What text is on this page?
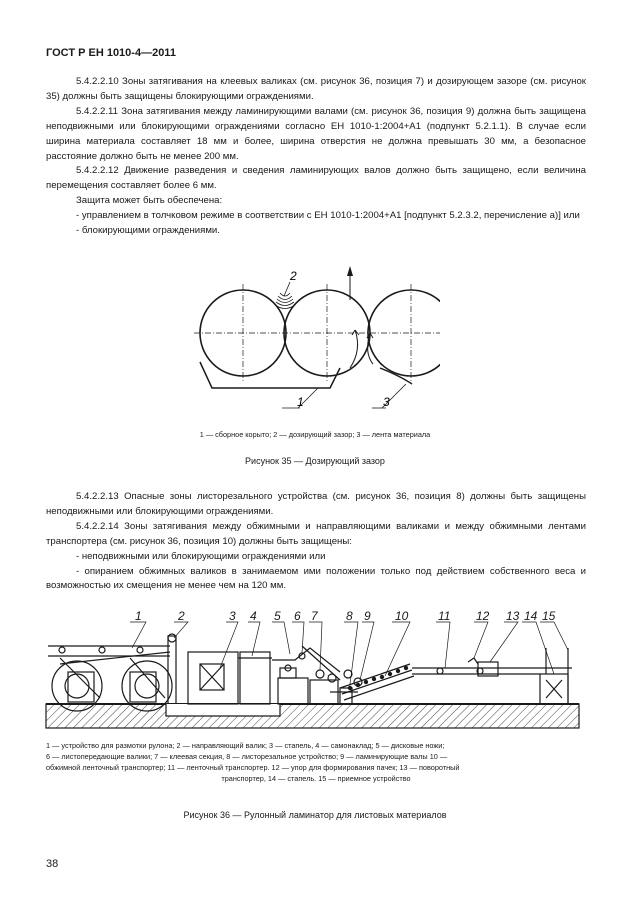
ГОСТ Р ЕН 1010-4—2011

5.4.2.2.10 Зоны затягивания на клеевых валиках (см. рисунок 36, позиция 7) и дозирующем зазоре (см. рисунок 35) должны быть защищены блокирующими ограждениями.

5.4.2.2.11 Зона затягивания между ламинирующими валами (см. рисунок 36, позиция 9) должна быть защищена неподвижными или блокирующими ограждениями согласно ЕН 1010-1:2004+А1 (подпункт 5.2.1.1). В случае если ширина материала составляет 18 мм и более, ширина отверстия не должна превышать 30 мм, а безопасное расстояние должно быть не менее 200 мм.

5.4.2.2.12 Движение разведения и сведения ламинирующих валов должно быть защищено, если величина перемещения составляет более 6 мм.

Защита может быть обеспечена:

- управлением в толчковом режиме в соответствии с ЕН 1010-1:2004+А1 [подпункт 5.2.3.2, перечисление а)] или

- блокирующими ограждениями.

2
1	3
1 — сборное корыто; 2 — дозирующий зазор; 3 — лента материала
Рисунок 35 — Дозирующий зазор

5.4.2.2.13 Опасные зоны листорезального устройства (см. рисунок 36, позиция 8) должны быть защищены неподвижными или блокирующими ограждениями.

5.4.2.2.14 Зоны затягивания между обжимными и направляющими валиками и между обжимными лентами транспортера (см. рисунок 36, позиция 10) должны быть защищены:

- неподвижными или блокирующими ограждениями или

- опиранием обжимных валиков в занимаемом ими положении только под действием собственного веса и возможностью их смещения не менее чем на 120 мм.

1	2	3 4 5 6 7 8 9 10 11 12 13 14 15
1 — устройство для размотки рулона; 2 — направляющий валик; 3 — стапель, 4 — самонаклад; 5 — дисковые ножи;
6 — листопередающие валики; 7 — клеевая секция, 8 — листорезальное устройство; 9 — ламинирующие валы 10 —
обжимной ленточный транспортер; 11 — ленточный транспортер. 12 — упор для формирования пачек; 13 — поворотный
транспортер, 14 — стапель. 15 — приемное устройство
Рисунок 36 — Рулонный ламинатор для листовых материалов
38
